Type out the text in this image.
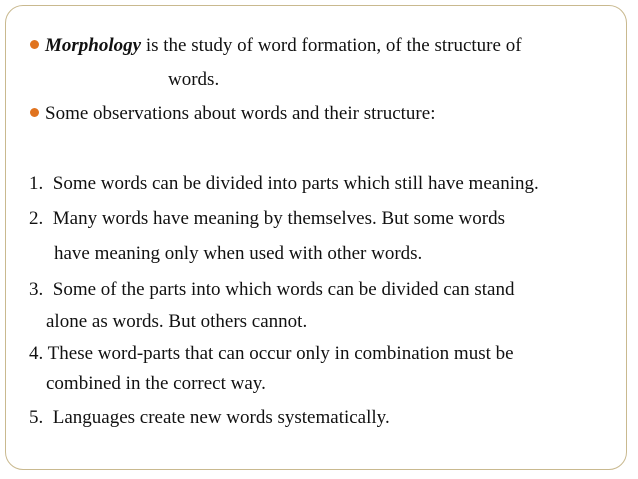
Morphology is the study of word formation, of the structure of
words.
Some observations about words and their structure:
1. Some words can be divided into parts which still have meaning.
2. Many words have meaning by themselves. But some words
have meaning only when used with other words.
3. Some of the parts into which words can be divided can stand
alone as words. But others cannot.
4. These word-parts that can occur only in combination must be
combined in the correct way.
5. Languages create new words systematically.
